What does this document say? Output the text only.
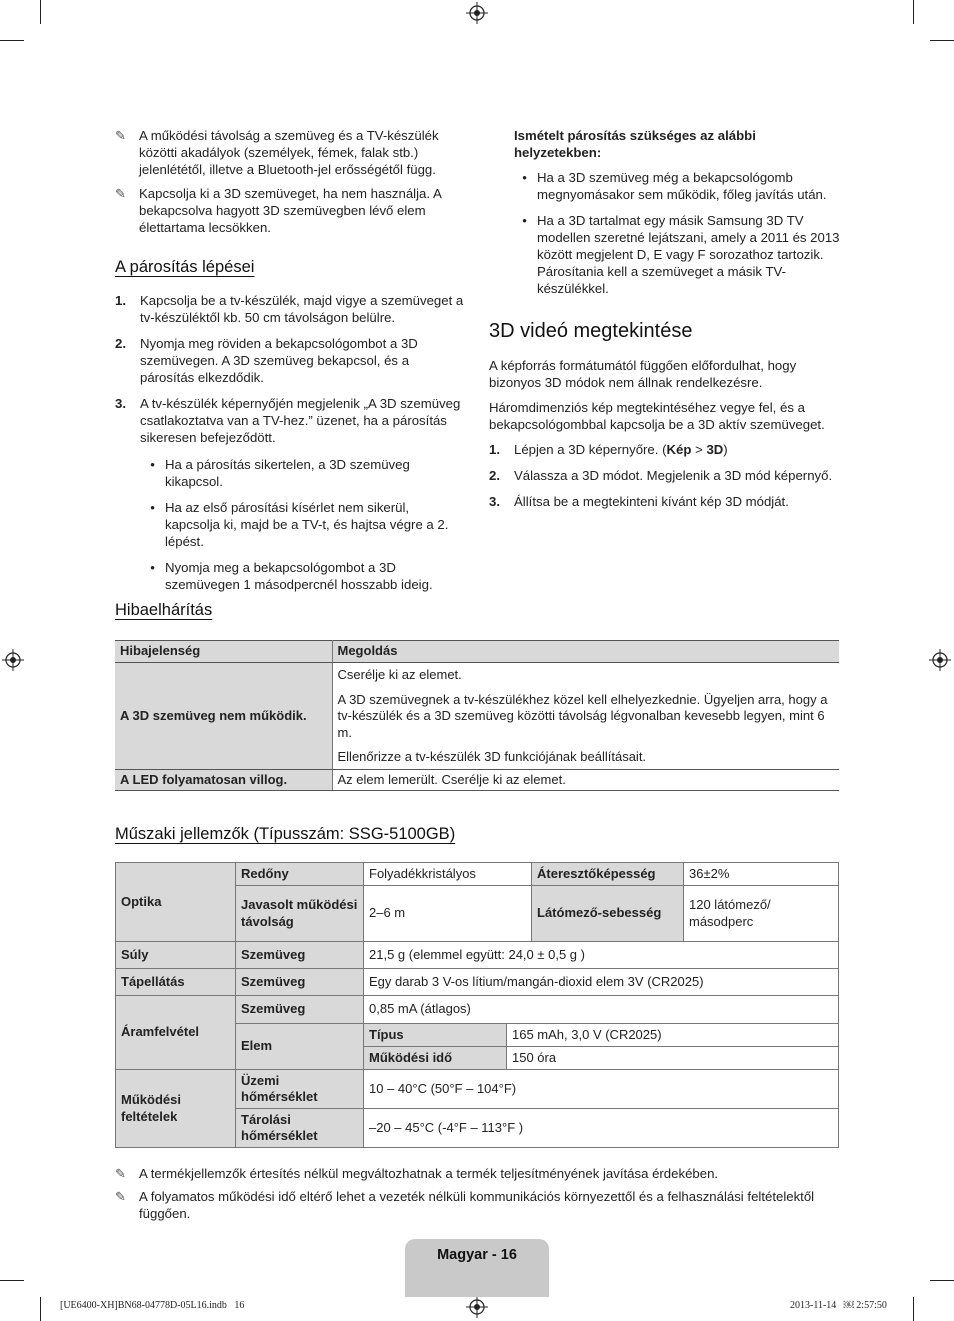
✎ A működési távolság a szemüveg és a TV-készülék közötti akadályok (személyek, fémek, falak stb.) jelenlététől, illetve a Bluetooth-jel erősségétől függ.
✎ Kapcsolja ki a 3D szemüveget, ha nem használja. A bekapcsolva hagyott 3D szemüvegben lévő elem élettartama lecsökken.
A párosítás lépései
1.	Kapcsolja be a tv-készülék, majd vigye a szemüveget a tv-készüléktől kb. 50 cm távolságon belülre.
2.	Nyomja meg röviden a bekapcsológombot a 3D szemüvegen. A 3D szemüveg bekapcsol, és a párosítás elkezdődik.
3.	A tv-készülék képernyőjén megjelenik „A 3D szemüveg csatlakoztatva van a TV-hez.” üzenet, ha a párosítás sikeresen befejeződött.
• Ha a párosítás sikertelen, a 3D szemüveg kikapcsol.
• Ha az első párosítási kísérlet nem sikerül, kapcsolja ki, majd be a TV-t, és hajtsa végre a 2. lépést.
• Nyomja meg a bekapcsológombot a 3D szemüvegen 1 másodpercnél hosszabb ideig.
Ismételt párosítás szükséges az alábbi helyzetekben:
• Ha a 3D szemüveg még a bekapcsológomb megnyomásakor sem működik, főleg javítás után.
• Ha a 3D tartalmat egy másik Samsung 3D TV modellen szeretné lejátszani, amely a 2011 és 2013 között megjelent D, E vagy F sorozathoz tartozik. Párosítania kell a szemüveget a másik TV-készülékkel.
3D videó megtekintése
A képforrás formátumától függően előfordulhat, hogy bizonyos 3D módok nem állnak rendelkezésre.
Háromdimenziós kép megtekintéséhez vegye fel, és a bekapcsológombbal kapcsolja be a 3D aktív szemüveget.
1.	Lépjen a 3D képernyőre. (Kép > 3D)
2.	Válassza a 3D módot. Megjelenik a 3D mód képernyő.
3.	Állítsa be a megtekinteni kívánt kép 3D módját.
Hibaelhárítás
Hibajelenség	Megoldás
A 3D szemüveg nem működik.	Cserélje ki az elemet.
A 3D szemüvegnek a tv-készülékhez közel kell elhelyezkednie. Ügyeljen arra, hogy a tv-készülék és a 3D szemüveg közötti távolság légvonalban kevesebb legyen, mint 6 m.
Ellenőrizze a tv-készülék 3D funkciójának beállításait.

A LED folyamatosan villog.	Az elem lemerült. Cserélje ki az elemet.
Műszaki jellemzők (Típusszám: SSG-5100GB)
Optika	Redőny	Folyadékkristályos		Áteresztőképesség	36±2%
	Javasolt működési távolság	2–6 m		Látómező-sebesség	120 látómező/ másodperc
Súly	Szemüveg	21,5 g (elemmel együtt: 24,0 ± 0,5 g )			
Tápellátás	Szemüveg	Egy darab 3 V-os lítium/mangán-dioxid elem 3V (CR2025)			
Áramfelvétel	Szemüveg	0,85 mA (átlagos)			
	Elem	Típus	165 mAh, 3,0 V (CR2025)		
		Működési idő	150 óra		
Működési feltételek	Üzemi hőmérséklet	10 – 40°C (50°F – 104°F)			
	Tárolási hőmérséklet	–20 – 45°C (-4°F – 113°F )			
✎ A termékjellemzők értesítés nélkül megváltozhatnak a termék teljesítményének javítása érdekében.
✎ A folyamatos működési idő eltérő lehet a vezeték nélküli kommunikációs környezettől és a felhasználási feltételektől függően.
Magyar - 16
[UE6400-XH]BN68-04778D-05L16.indb   16	2013-11-14   ￼ 2:57:50
